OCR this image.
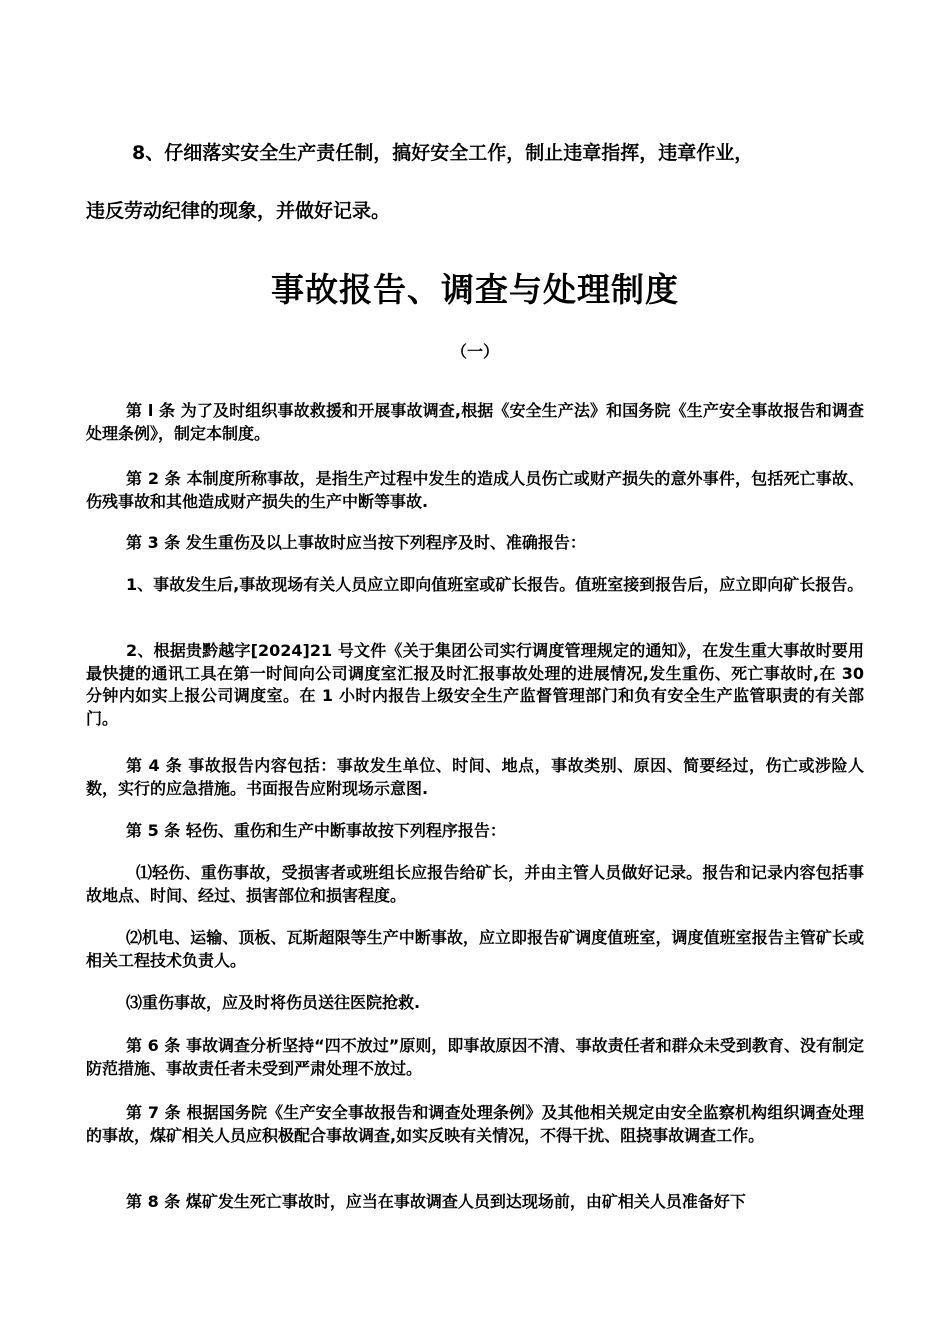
8、仔细落实安全生产责任制，搞好安全工作，制止违章指挥，违章作业，
违反劳动纪律的现象，并做好记录。
事故报告、调查与处理制度
（一）

第 l 条 为了及时组织事故救援和开展事故调查,根据《安全生产法》和国务院《生产安全事故报告和调查处理条例》，制定本制度。

第 2 条 本制度所称事故，是指生产过程中发生的造成人员伤亡或财产损失的意外事件，包括死亡事故、伤残事故和其他造成财产损失的生产中断等事故.

第 3 条 发生重伤及以上事故时应当按下列程序及时、准确报告：

1、事故发生后,事故现场有关人员应立即向值班室或矿长报告。值班室接到报告后，应立即向矿长报告。

2、根据贵黔越字[2024]21 号文件《关于集团公司实行调度管理规定的通知》，在发生重大事故时要用最快捷的通讯工具在第一时间向公司调度室汇报及时汇报事故处理的进展情况,发生重伤、死亡事故时,在 30 分钟内如实上报公司调度室。在 1 小时内报告上级安全生产监督管理部门和负有安全生产监管职责的有关部门。

第 4 条 事故报告内容包括：事故发生单位、时间、地点，事故类别、原因、简要经过，伤亡或涉险人数，实行的应急措施。书面报告应附现场示意图.

第 5 条 轻伤、重伤和生产中断事故按下列程序报告：

⑴轻伤、重伤事故，受损害者或班组长应报告给矿长，并由主管人员做好记录。报告和记录内容包括事故地点、时间、经过、损害部位和损害程度。

⑵机电、运输、顶板、瓦斯超限等生产中断事故，应立即报告矿调度值班室，调度值班室报告主管矿长或相关工程技术负责人。

⑶重伤事故，应及时将伤员送往医院抢救.

第 6 条 事故调查分析坚持“四不放过”原则，即事故原因不清、事故责任者和群众未受到教育、没有制定防范措施、事故责任者未受到严肃处理不放过。

第 7 条 根据国务院《生产安全事故报告和调查处理条例》及其他相关规定由安全监察机构组织调查处理的事故，煤矿相关人员应积极配合事故调查,如实反映有关情况，不得干扰、阻挠事故调查工作。

第 8 条 煤矿发生死亡事故时，应当在事故调查人员到达现场前，由矿相关人员准备好下
